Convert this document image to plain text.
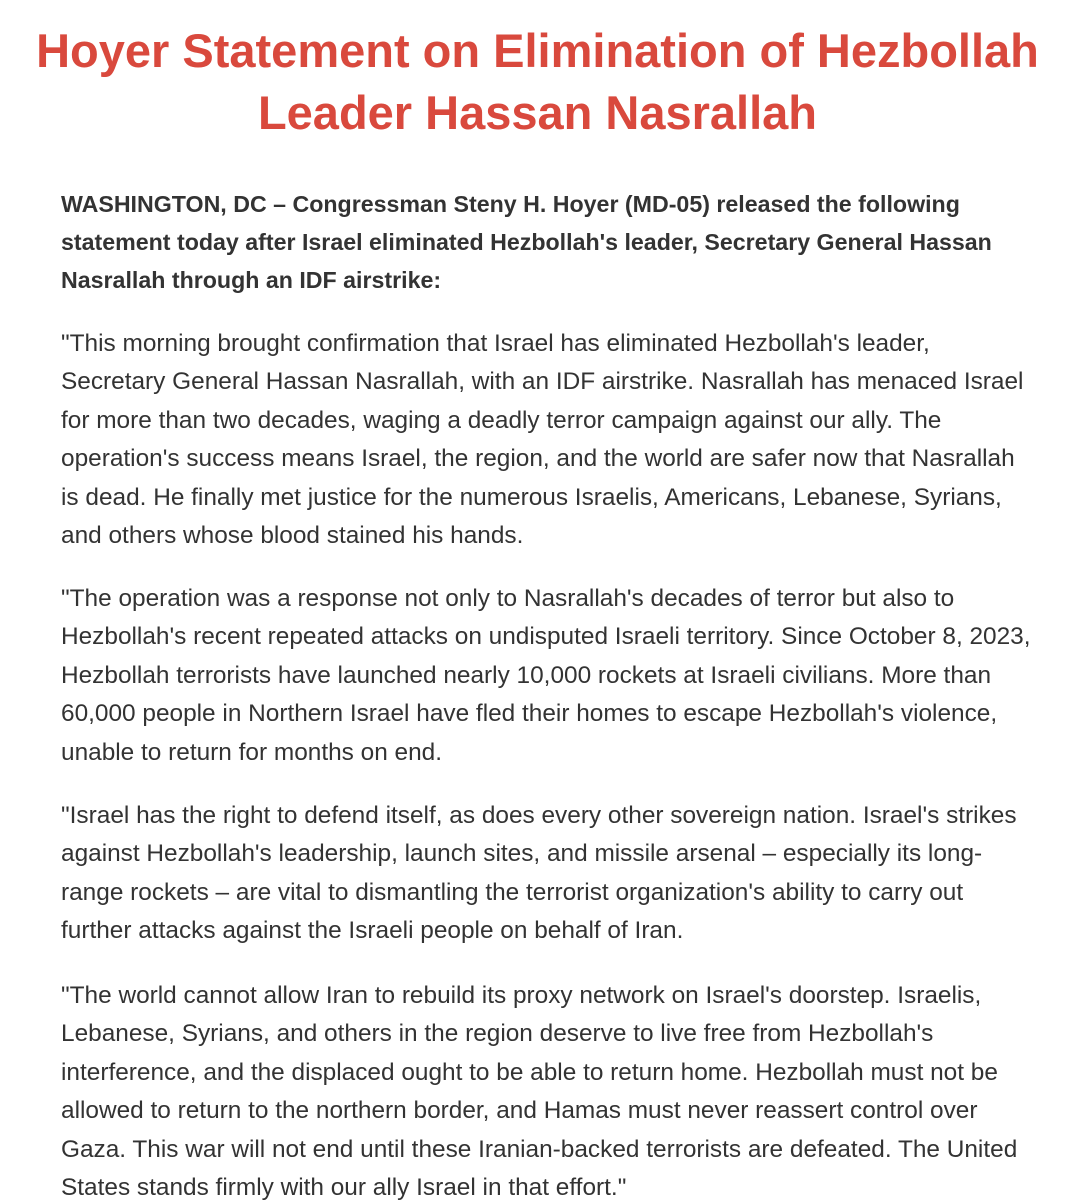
Hoyer Statement on Elimination of Hezbollah Leader Hassan Nasrallah

WASHINGTON, DC – Congressman Steny H. Hoyer (MD-05) released the following statement today after Israel eliminated Hezbollah's leader, Secretary General Hassan Nasrallah through an IDF airstrike:

"This morning brought confirmation that Israel has eliminated Hezbollah's leader, Secretary General Hassan Nasrallah, with an IDF airstrike. Nasrallah has menaced Israel for more than two decades, waging a deadly terror campaign against our ally. The operation's success means Israel, the region, and the world are safer now that Nasrallah is dead. He finally met justice for the numerous Israelis, Americans, Lebanese, Syrians, and others whose blood stained his hands.

"The operation was a response not only to Nasrallah's decades of terror but also to Hezbollah's recent repeated attacks on undisputed Israeli territory. Since October 8, 2023, Hezbollah terrorists have launched nearly 10,000 rockets at Israeli civilians. More than 60,000 people in Northern Israel have fled their homes to escape Hezbollah's violence, unable to return for months on end.

"Israel has the right to defend itself, as does every other sovereign nation. Israel's strikes against Hezbollah's leadership, launch sites, and missile arsenal – especially its long-range rockets – are vital to dismantling the terrorist organization's ability to carry out further attacks against the Israeli people on behalf of Iran.

"The world cannot allow Iran to rebuild its proxy network on Israel's doorstep. Israelis, Lebanese, Syrians, and others in the region deserve to live free from Hezbollah's interference, and the displaced ought to be able to return home. Hezbollah must not be allowed to return to the northern border, and Hamas must never reassert control over Gaza. This war will not end until these Iranian-backed terrorists are defeated. The United States stands firmly with our ally Israel in that effort."
